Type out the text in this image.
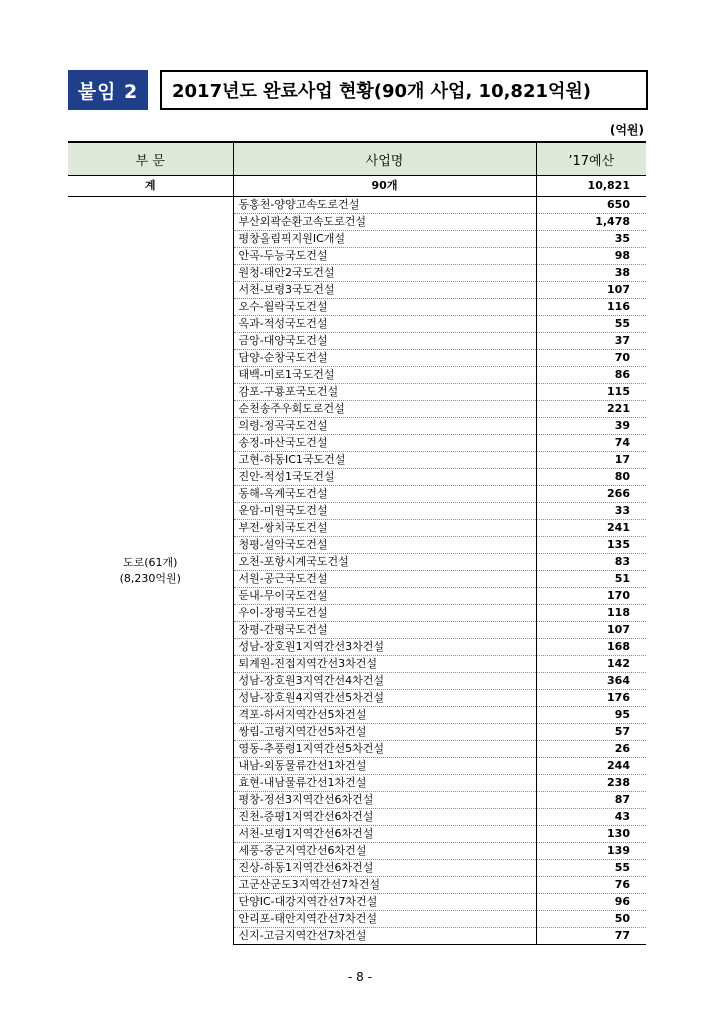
붙임 2	2017년도 완료사업 현황(90개 사업, 10,821억원)
(억원)
부 문	사업명	’17예산
계	90개	10,821

도로(61개)
(8,230억원)	동홍천-양양고속도로건설	650
	부산외곽순환고속도로건설	1,478
	평창올림픽지원IC개설	35
	안곡-두능국도건설	98
	원청-태안2국도건설	38
	서천-보령3국도건설	107
	오수-월락국도건설	116
	옥과-적성국도건설	55
	금앙-대양국도건설	37
	담양-순창국도건설	70
	태백-미로1국도건설	86
	감포-구룡포국도건설	115
	순천송주우회도로건설	221
	의령-정곡국도건설	39
	송정-마산국도건설	74
	고현-하동IC1국도건설	17
	진안-적성1국도건설	80
	동해-옥계국도건설	266
	운암-미원국도건설	33
	부전-쌍치국도건설	241
	청평-설악국도건설	135
	오천-포항시계국도건설	83
	서원-공근국도건설	51
	둔내-무이국도건설	170
	우이-장평국도건설	118
	장평-간평국도건설	107
	성남-장호원1지역간선3차건설	168
	퇴계원-진접지역간선3차건설	142
	성남-장호원3지역간선4차건설	364
	성남-장호원4지역간선5차건설	176
	격포-하서지역간선5차건설	95
	쌍림-고령지역간선5차건설	57
	영동-추풍령1지역간선5차건설	26
	내남-외동물류간선1차건설	244
	효현-내남물류간선1차건설	238
	평창-정선3지역간선6차건설	87
	진천-증평1지역간선6차건설	43
	서천-보령1지역간선6차건설	130
	세풍-중군지역간선6차건설	139
	진상-하동1지역간선6차건설	55
	고군산군도3지역간선7차건설	76
	단양IC-대강지역간선7차건설	96
	안리포-태안지역간선7차건설	50
	신지-고금지역간선7차건설	77
- 8 -
